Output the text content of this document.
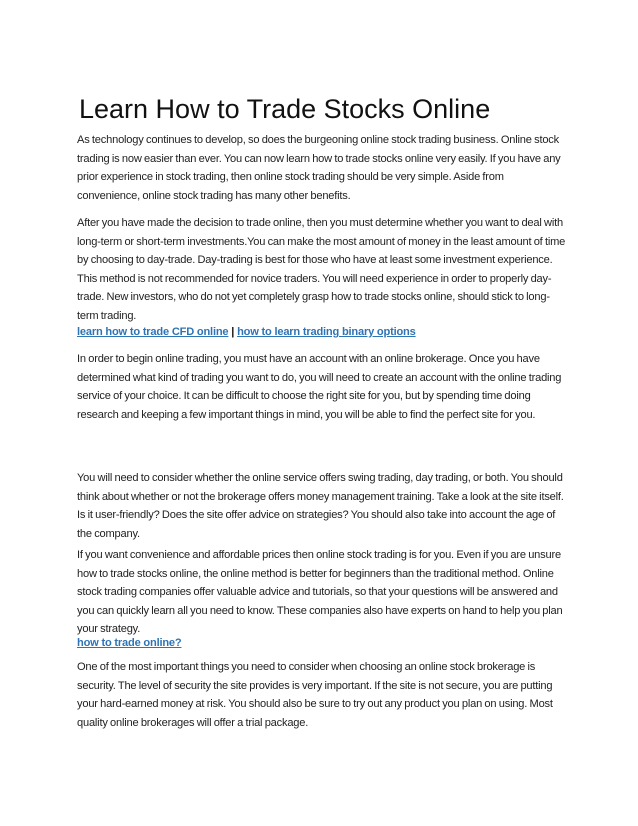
Learn How to Trade Stocks Online

As technology continues to develop, so does the burgeoning online stock trading business. Online stock trading is now easier than ever. You can now learn how to trade stocks online very easily. If you have any prior experience in stock trading, then online stock trading should be very simple. Aside from convenience, online stock trading has many other benefits.

After you have made the decision to trade online, then you must determine whether you want to deal with long-term or short-term investments.You can make the most amount of money in the least amount of time by choosing to day-trade. Day-trading is best for those who have at least some investment experience. This method is not recommended for novice traders. You will need experience in order to properly day-trade. New investors, who do not yet completely grasp how to trade stocks online, should stick to long-term trading.

learn how to trade CFD online | how to learn trading binary options

In order to begin online trading, you must have an account with an online brokerage. Once you have determined what kind of trading you want to do, you will need to create an account with the online trading service of your choice. It can be difficult to choose the right site for you, but by spending time doing research and keeping a few important things in mind, you will be able to find the perfect site for you.

You will need to consider whether the online service offers swing trading, day trading, or both. You should think about whether or not the brokerage offers money management training. Take a look at the site itself. Is it user-friendly? Does the site offer advice on strategies? You should also take into account the age of the company.

If you want convenience and affordable prices then online stock trading is for you. Even if you are unsure how to trade stocks online, the online method is better for beginners than the traditional method. Online stock trading companies offer valuable advice and tutorials, so that your questions will be answered and you can quickly learn all you need to know. These companies also have experts on hand to help you plan your strategy.

how to trade online?

One of the most important things you need to consider when choosing an online stock brokerage is security. The level of security the site provides is very important. If the site is not secure, you are putting your hard-earned money at risk. You should also be sure to try out any product you plan on using. Most quality online brokerages will offer a trial package.
